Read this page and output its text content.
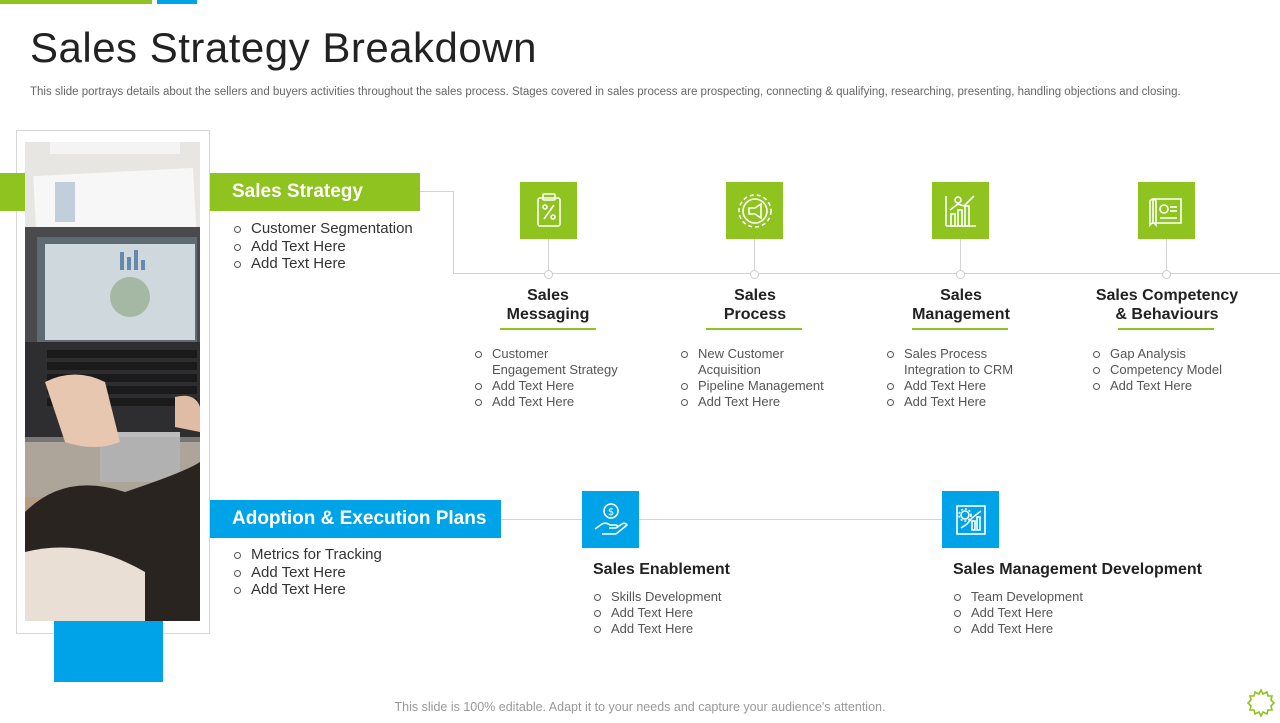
Sales Strategy Breakdown
This slide portrays details about the sellers and buyers activities throughout the sales process. Stages covered in sales process are prospecting, connecting & qualifying, researching, presenting, handling objections and closing.
Sales Strategy
Customer Segmentation
Add Text Here
Add Text Here
Sales
Messaging
Customer
Engagement Strategy
Add Text Here
Add Text Here
Sales
Process
New Customer
Acquisition
Pipeline Management
Add Text Here
Sales
Management
Sales Process
Integration to CRM
Add Text Here
Add Text Here
Sales Competency
& Behaviours
Gap Analysis
Competency Model
Add Text Here
Adoption & Execution Plans
Metrics for Tracking
Add Text Here
Add Text Here
$
Sales Enablement
Skills Development
Add Text Here
Add Text Here
Sales Management Development
Team Development
Add Text Here
Add Text Here
This slide is 100% editable. Adapt it to your needs and capture your audience's attention.
